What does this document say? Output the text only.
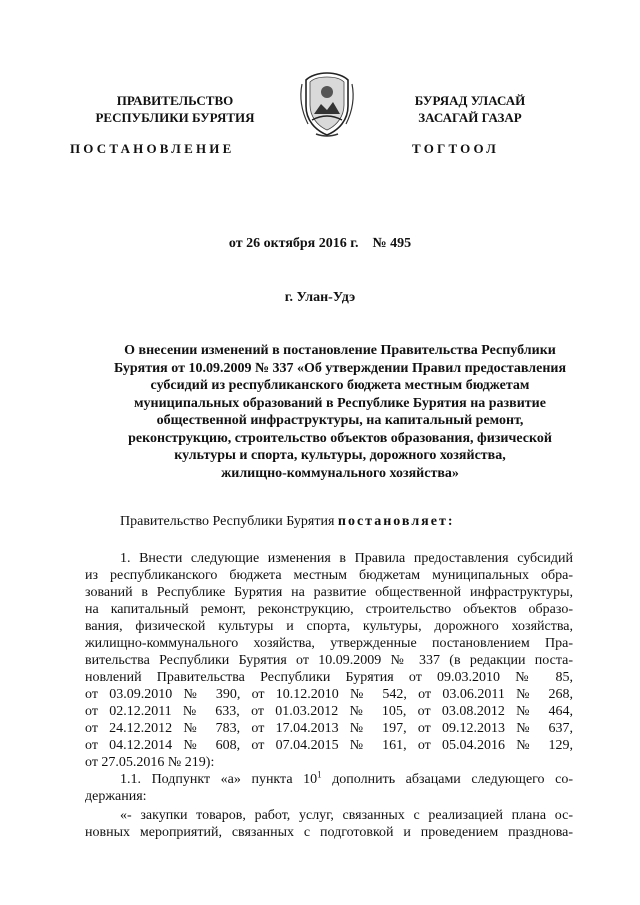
ПРАВИТЕЛЬСТВО
РЕСПУБЛИКИ БУРЯТИЯ
БУРЯАД УЛАСАЙ
ЗАСАГАЙ ГАЗАР
ПОСТАНОВЛЕНИЕ	ТОГТООЛ
от 26 октября 2016 г.    № 495
г. Улан-Удэ
О внесении изменений в постановление Правительства Республики
Бурятия от 10.09.2009 № 337 «Об утверждении Правил предоставления
субсидий из республиканского бюджета местным бюджетам
муниципальных образований в Республике Бурятия на развитие
общественной инфраструктуры, на капитальный ремонт,
реконструкцию, строительство объектов образования, физической
культуры и спорта, культуры, дорожного хозяйства,
жилищно-коммунального хозяйства»
Правительство Республики Бурятия постановляет:
1. Внести следующие изменения в Правила предоставления субсидий
из республиканского бюджета местным бюджетам муниципальных обра-
зований в Республике Бурятия на развитие общественной инфраструктуры,
на капитальный ремонт, реконструкцию, строительство объектов образо-
вания, физической культуры и спорта, культуры, дорожного хозяйства,
жилищно-коммунального хозяйства, утвержденные постановлением Пра-
вительства Республики Бурятия от 10.09.2009 № 337 (в редакции поста-
новлений Правительства Республики Бурятия от 09.03.2010 № 85,
от 03.09.2010 № 390, от 10.12.2010 № 542, от 03.06.2011 № 268,
от 02.12.2011 № 633, от 01.03.2012 № 105, от 03.08.2012 № 464,
от 24.12.2012 № 783, от 17.04.2013 № 197, от 09.12.2013 № 637,
от 04.12.2014 № 608, от 07.04.2015 № 161, от 05.04.2016 № 129,
от 27.05.2016 № 219):
1.1. Подпункт «а» пункта $10^1$ дополнить абзацами следующего со-
держания:
«- закупки товаров, работ, услуг, связанных с реализацией плана ос-
новных мероприятий, связанных с подготовкой и проведением празднова-
